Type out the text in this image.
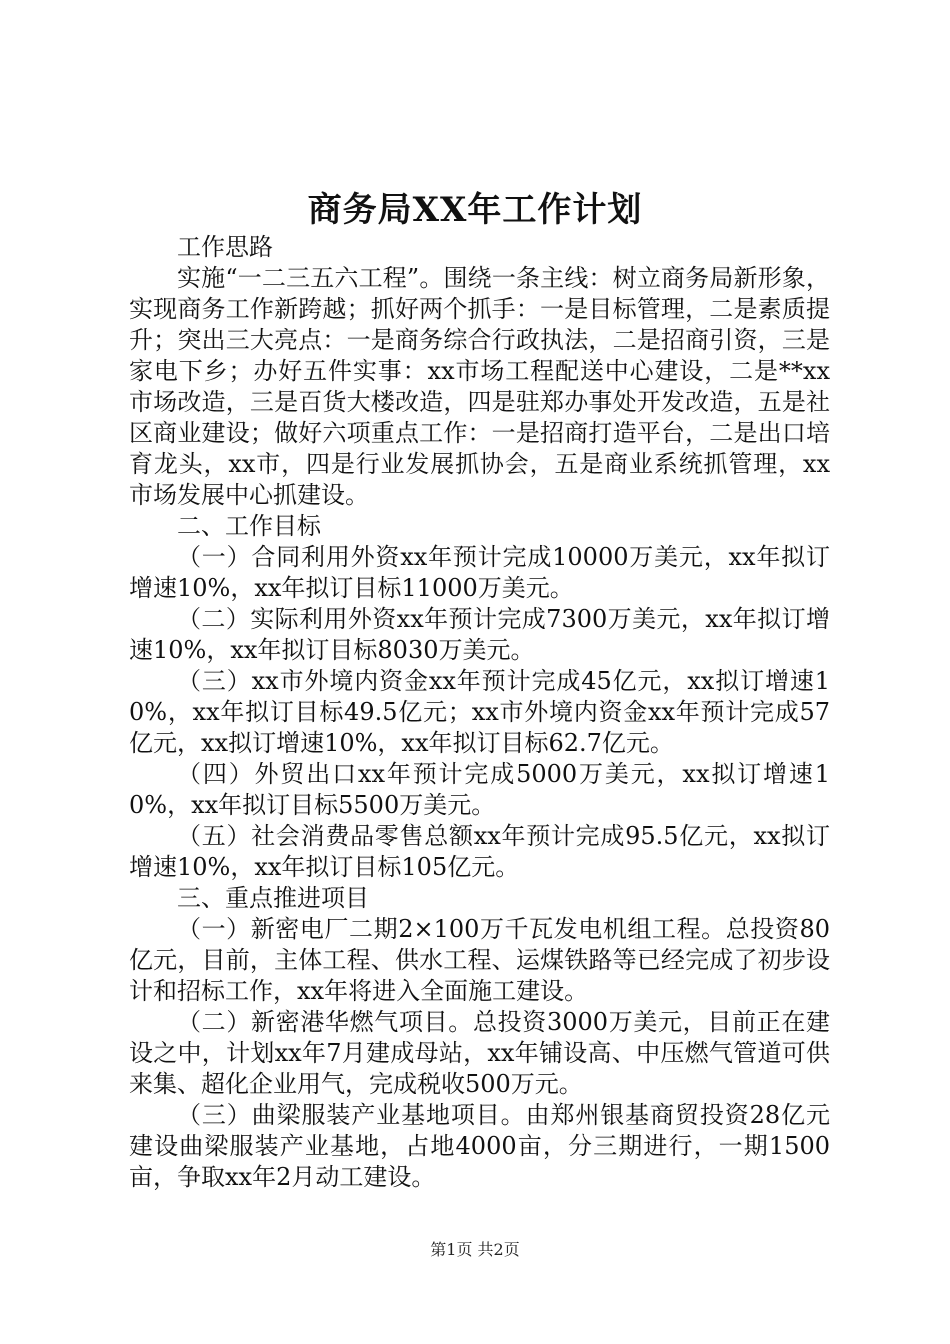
商务局XX年工作计划

工作思路

实施“一二三五六工程”。围绕一条主线：树立商务局新形象，实现商务工作新跨越；抓好两个抓手：一是目标管理，二是素质提升；突出三大亮点：一是商务综合行政执法，二是招商引资，三是家电下乡；办好五件实事：xx市场工程配送中心建设，二是**xx市场改造，三是百货大楼改造，四是驻郑办事处开发改造，五是社区商业建设；做好六项重点工作：一是招商打造平台，二是出口培育龙头，xx市，四是行业发展抓协会，五是商业系统抓管理，xx市场发展中心抓建设。

二、工作目标

（一）合同利用外资xx年预计完成10000万美元，xx年拟订增速10%，xx年拟订目标11000万美元。

（二）实际利用外资xx年预计完成7300万美元，xx年拟订增速10%，xx年拟订目标8030万美元。

（三）xx市外境内资金xx年预计完成45亿元，xx拟订增速10%，xx年拟订目标49.5亿元；xx市外境内资金xx年预计完成57亿元，xx拟订增速10%，xx年拟订目标62.7亿元。

（四）外贸出口xx年预计完成5000万美元，xx拟订增速10%，xx年拟订目标5500万美元。

（五）社会消费品零售总额xx年预计完成95.5亿元，xx拟订增速10%，xx年拟订目标105亿元。

三、重点推进项目

（一）新密电厂二期2×100万千瓦发电机组工程。总投资80亿元，目前，主体工程、供水工程、运煤铁路等已经完成了初步设计和招标工作，xx年将进入全面施工建设。

（二）新密港华燃气项目。总投资3000万美元，目前正在建设之中，计划xx年7月建成母站，xx年铺设高、中压燃气管道可供来集、超化企业用气，完成税收500万元。

（三）曲梁服装产业基地项目。由郑州银基商贸投资28亿元建设曲梁服装产业基地，占地4000亩，分三期进行，一期1500亩，争取xx年2月动工建设。

第1页 共2页
